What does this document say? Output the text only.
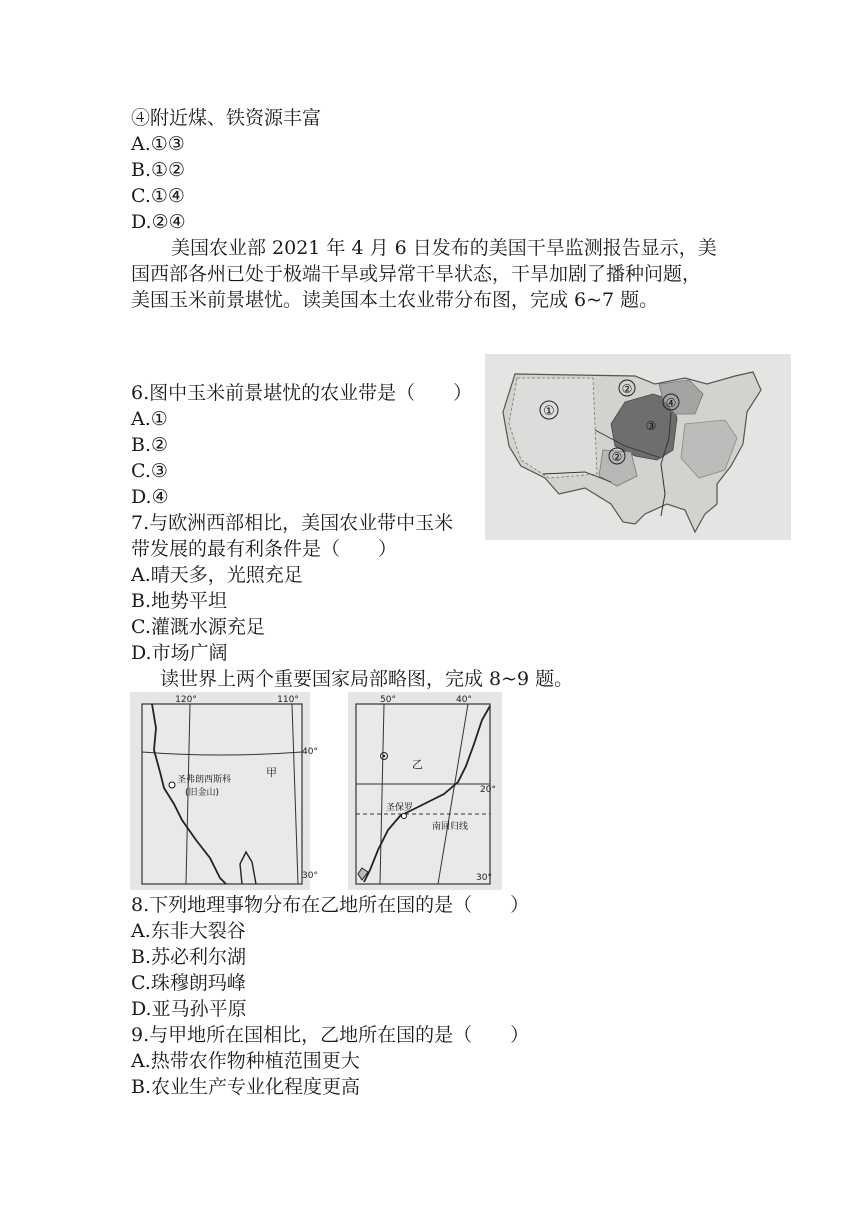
④附近煤、铁资源丰富
A.①③
B.①②
C.①④
D.②④
美国农业部 2021 年 4 月 6 日发布的美国干旱监测报告显示，美
国西部各州已处于极端干旱或异常干旱状态，干旱加剧了播种问题，
美国玉米前景堪忧。读美国本土农业带分布图，完成 6~7 题。
①
②
③
④
②
6.图中玉米前景堪忧的农业带是（　　）
A.①
B.②
C.③
D.④
7.与欧洲西部相比，美国农业带中玉米
带发展的最有利条件是（　　）
A.晴天多，光照充足
B.地势平坦
C.灌溉水源充足
D.市场广阔
读世界上两个重要国家局部略图，完成 8~9 题。
120°	110°
40°
30°
甲
圣弗朗西斯科
(旧金山)
50°	40°
20°
30°
乙
圣保罗
南回归线
8.下列地理事物分布在乙地所在国的是（　　）
A.东非大裂谷
B.苏必利尔湖
C.珠穆朗玛峰
D.亚马孙平原
9.与甲地所在国相比，乙地所在国的是（　　）
A.热带农作物种植范围更大
B.农业生产专业化程度更高
